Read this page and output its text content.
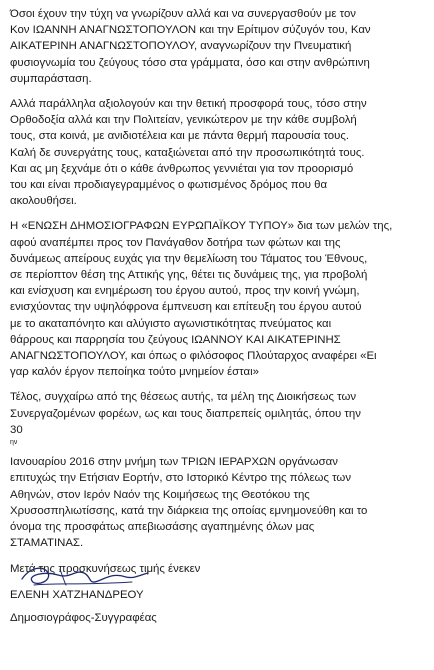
Όσοι έχουν την τύχη να γνωρίζουν αλλά και να συνεργασθούν με τον
Κον ΙΩΑΝΝΗ ΑΝΑΓΝΩΣΤΟΠΟΥΛΟΝ και την Ερίτιμον σύζυγόν του, Καν
ΑΙΚΑΤΕΡΙΝΗ ΑΝΑΓΝΩΣΤΟΠΟΥΛΟΥ, αναγνωρίζουν την Πνευματική
φυσιογνωμία του ζεύγους τόσο στα γράμματα, όσο και στην ανθρώπινη
συμπαράσταση.

Αλλά παράλληλα αξιολογούν και την θετική προσφορά τους, τόσο στην
Ορθοδοξία αλλά και την Πολιτείαν, γενικώτερον με την κάθε συμβολή
τους, στα κοινά, με ανιδιοτέλεια και με πάντα θερμή παρουσία τους.
Καλή δε συνεργάτης τους, καταξιώνεται από την προσωπικότητά τους.
Και ας μη ξεχνάμε ότι ο κάθε άνθρωπος γεννιέται για τον προορισμό
του και είναι προδιαγεγραμμένος ο φωτισμένος δρόμος που θα
ακολουθήσει.

Η «ΕΝΩΣΗ ΔΗΜΟΣΙΟΓΡΑΦΩΝ ΕΥΡΩΠΑΪΚΟΥ ΤΥΠΟΥ» δια των μελών της,
αφού αναπέμπει προς τον Πανάγαθον δοτήρα των φώτων και της
δυνάμεως απείρους ευχάς για την θεμελίωση του Τάματος του Έθνους,
σε περίοπτον θέση της Αττικής γης, θέτει τις δυνάμεις της, για προβολή
και ενίσχυση και ενημέρωση του έργου αυτού, προς την κοινή γνώμη,
ενισχύοντας την υψηλόφρονα έμπνευση και επίτευξη του έργου αυτού
με το ακαταπόνητο και αλύγιστο αγωνιστικότητας πνεύματος και
θάρρους και παρρησία του ζεύγους ΙΩΑΝΝΟΥ ΚΑΙ ΑΙΚΑΤΕΡΙΝΗΣ
ΑΝΑΓΝΩΣΤΟΠΟΥΛΟΥ, και όπως ο φιλόσοφος Πλούταρχος αναφέρει «Ει
γαρ καλόν έργον πεποίηκα τούτο μνημείον έσται»

Τέλος, συγχαίρω από της θέσεως αυτής, τα μέλη της Διοικήσεως των
Συνεργαζομένων φορέων, ως και τους διαπρεπείς ομιλητάς, όπου την
30
$^{\eta\nu}$
Ιανουαρίου 2016 στην μνήμη των ΤΡΙΩΝ ΙΕΡΑΡΧΩΝ οργάνωσαν
επιτυχώς την Ετήσιαν Εορτήν, στο Ιστορικό Κέντρο της πόλεως των
Αθηνών, στον Ιερόν Ναόν της Κοιμήσεως της Θεοτόκου της
Χρυσοσπηλιωτίσσης, κατά την διάρκεια της οποίας εμνημονεύθη και το
όνομα της προσφάτως απεβιωσάσης αγαπημένης όλων μας
ΣΤΑΜΑΤΙΝΑΣ.

Μετά της προσκυνήσεως τιμής ένεκεν
ΕΛΕΝΗ ΧΑΤΖΗΑΝΔΡΕΟΥ
Δημοσιογράφος-Συγγραφέας
